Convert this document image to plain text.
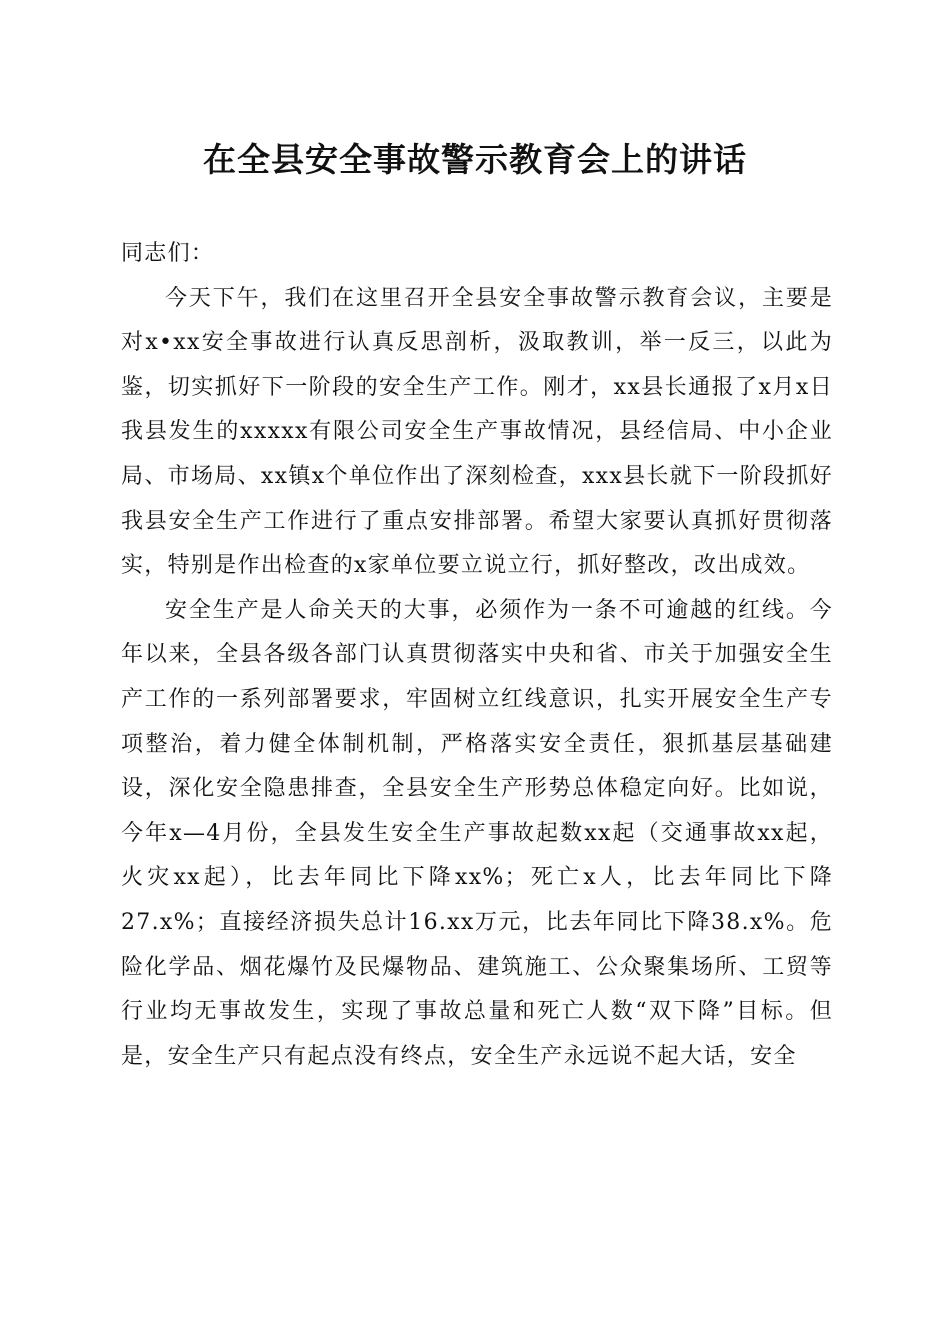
在全县安全事故警示教育会上的讲话

同志们：

今天下午，我们在这里召开全县安全事故警示教育会议，主要是对x•xx安全事故进行认真反思剖析，汲取教训，举一反三，以此为鉴，切实抓好下一阶段的安全生产工作。刚才，xx县长通报了x月x日我县发生的xxxxx有限公司安全生产事故情况，县经信局、中小企业局、市场局、xx镇x个单位作出了深刻检查，xxx县长就下一阶段抓好我县安全生产工作进行了重点安排部署。希望大家要认真抓好贯彻落实，特别是作出检查的x家单位要立说立行，抓好整改，改出成效。

安全生产是人命关天的大事，必须作为一条不可逾越的红线。今年以来，全县各级各部门认真贯彻落实中央和省、市关于加强安全生产工作的一系列部署要求，牢固树立红线意识，扎实开展安全生产专项整治，着力健全体制机制，严格落实安全责任，狠抓基层基础建设，深化安全隐患排查，全县安全生产形势总体稳定向好。比如说，今年x—4月份，全县发生安全生产事故起数xx起（交通事故xx起，火灾xx起），比去年同比下降xx%；死亡x人，比去年同比下降27.x%；直接经济损失总计16.xx万元，比去年同比下降38.x%。危险化学品、烟花爆竹及民爆物品、建筑施工、公众聚集场所、工贸等行业均无事故发生，实现了事故总量和死亡人数“双下降”目标。但是，安全生产只有起点没有终点，安全生产永远说不起大话，安全
